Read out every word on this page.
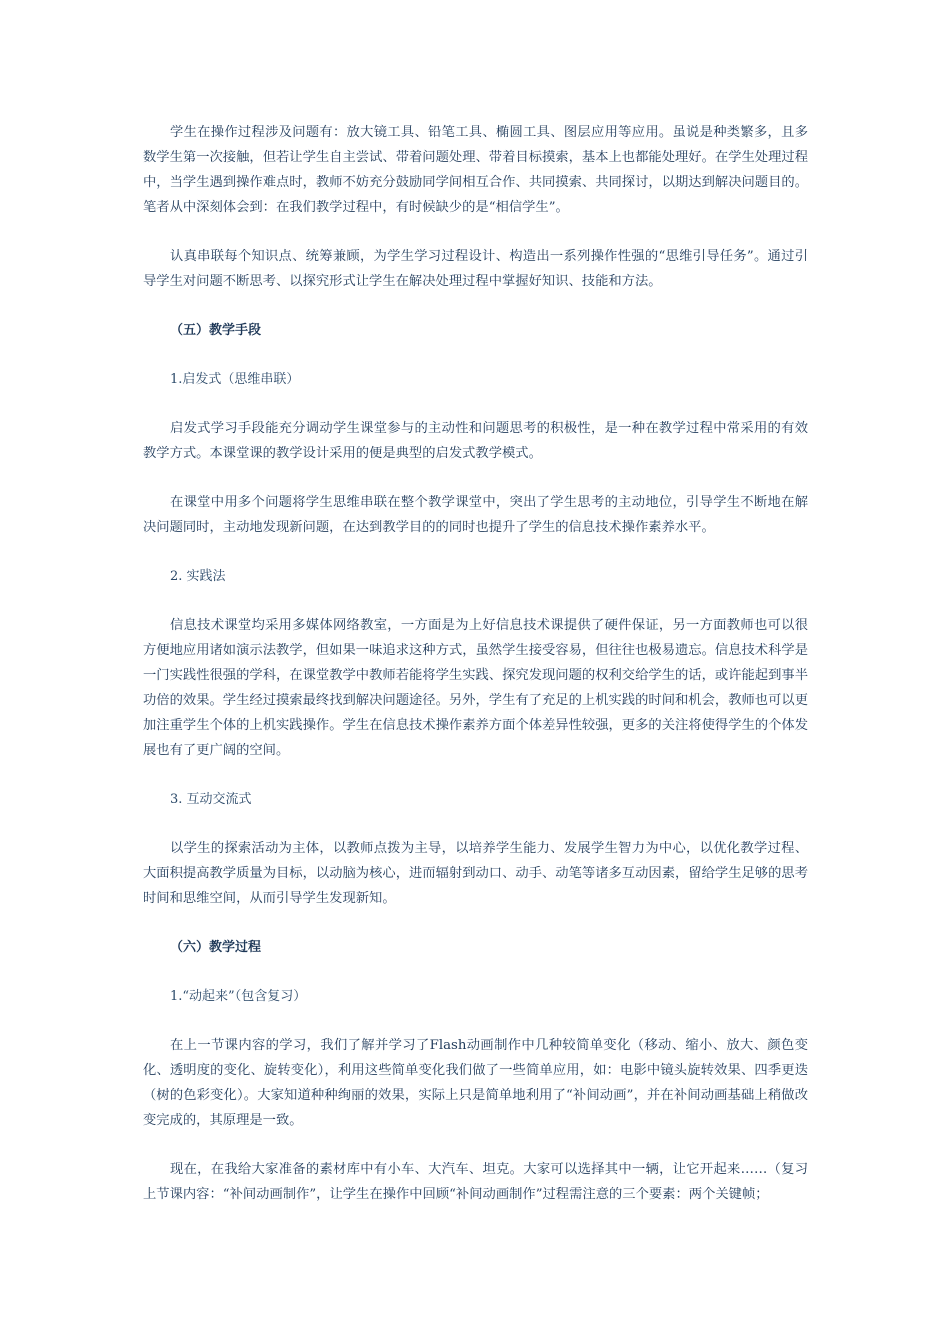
学生在操作过程涉及问题有：放大镜工具、铅笔工具、椭圆工具、图层应用等应用。虽说是种类繁多，且多数学生第一次接触，但若让学生自主尝试、带着问题处理、带着目标摸索，基本上也都能处理好。在学生处理过程中，当学生遇到操作难点时，教师不妨充分鼓励同学间相互合作、共同摸索、共同探讨，以期达到解决问题目的。笔者从中深刻体会到：在我们教学过程中，有时候缺少的是“相信学生”。

认真串联每个知识点、统筹兼顾，为学生学习过程设计、构造出一系列操作性强的“思维引导任务”。通过引导学生对问题不断思考、以探究形式让学生在解决处理过程中掌握好知识、技能和方法。

（五）教学手段
1.启发式（思维串联）

启发式学习手段能充分调动学生课堂参与的主动性和问题思考的积极性，是一种在教学过程中常采用的有效教学方式。本课堂课的教学设计采用的便是典型的启发式教学模式。

在课堂中用多个问题将学生思维串联在整个教学课堂中，突出了学生思考的主动地位，引导学生不断地在解决问题同时，主动地发现新问题，在达到教学目的的同时也提升了学生的信息技术操作素养水平。

2. 实践法

信息技术课堂均采用多媒体网络教室，一方面是为上好信息技术课提供了硬件保证，另一方面教师也可以很方便地应用诸如演示法教学，但如果一味追求这种方式，虽然学生接受容易，但往往也极易遗忘。信息技术科学是一门实践性很强的学科，在课堂教学中教师若能将学生实践、探究发现问题的权利交给学生的话，或许能起到事半功倍的效果。学生经过摸索最终找到解决问题途径。另外，学生有了充足的上机实践的时间和机会，教师也可以更加注重学生个体的上机实践操作。学生在信息技术操作素养方面个体差异性较强，更多的关注将使得学生的个体发展也有了更广阔的空间。

3. 互动交流式

以学生的探索活动为主体，以教师点拨为主导，以培养学生能力、发展学生智力为中心，以优化教学过程、大面积提高教学质量为目标，以动脑为核心，进而辐射到动口、动手、动笔等诸多互动因素，留给学生足够的思考时间和思维空间，从而引导学生发现新知。

（六）教学过程
1.“动起来”（包含复习）

在上一节课内容的学习，我们了解并学习了Flash动画制作中几种较简单变化（移动、缩小、放大、颜色变化、透明度的变化、旋转变化），利用这些简单变化我们做了一些简单应用，如：电影中镜头旋转效果、四季更迭（树的色彩变化）。大家知道种种绚丽的效果，实际上只是简单地利用了“补间动画”，并在补间动画基础上稍做改变完成的，其原理是一致。

现在，在我给大家准备的素材库中有小车、大汽车、坦克。大家可以选择其中一辆，让它开起来……（复习上节课内容：“补间动画制作”，让学生在操作中回顾“补间动画制作”过程需注意的三个要素：两个关键帧；
